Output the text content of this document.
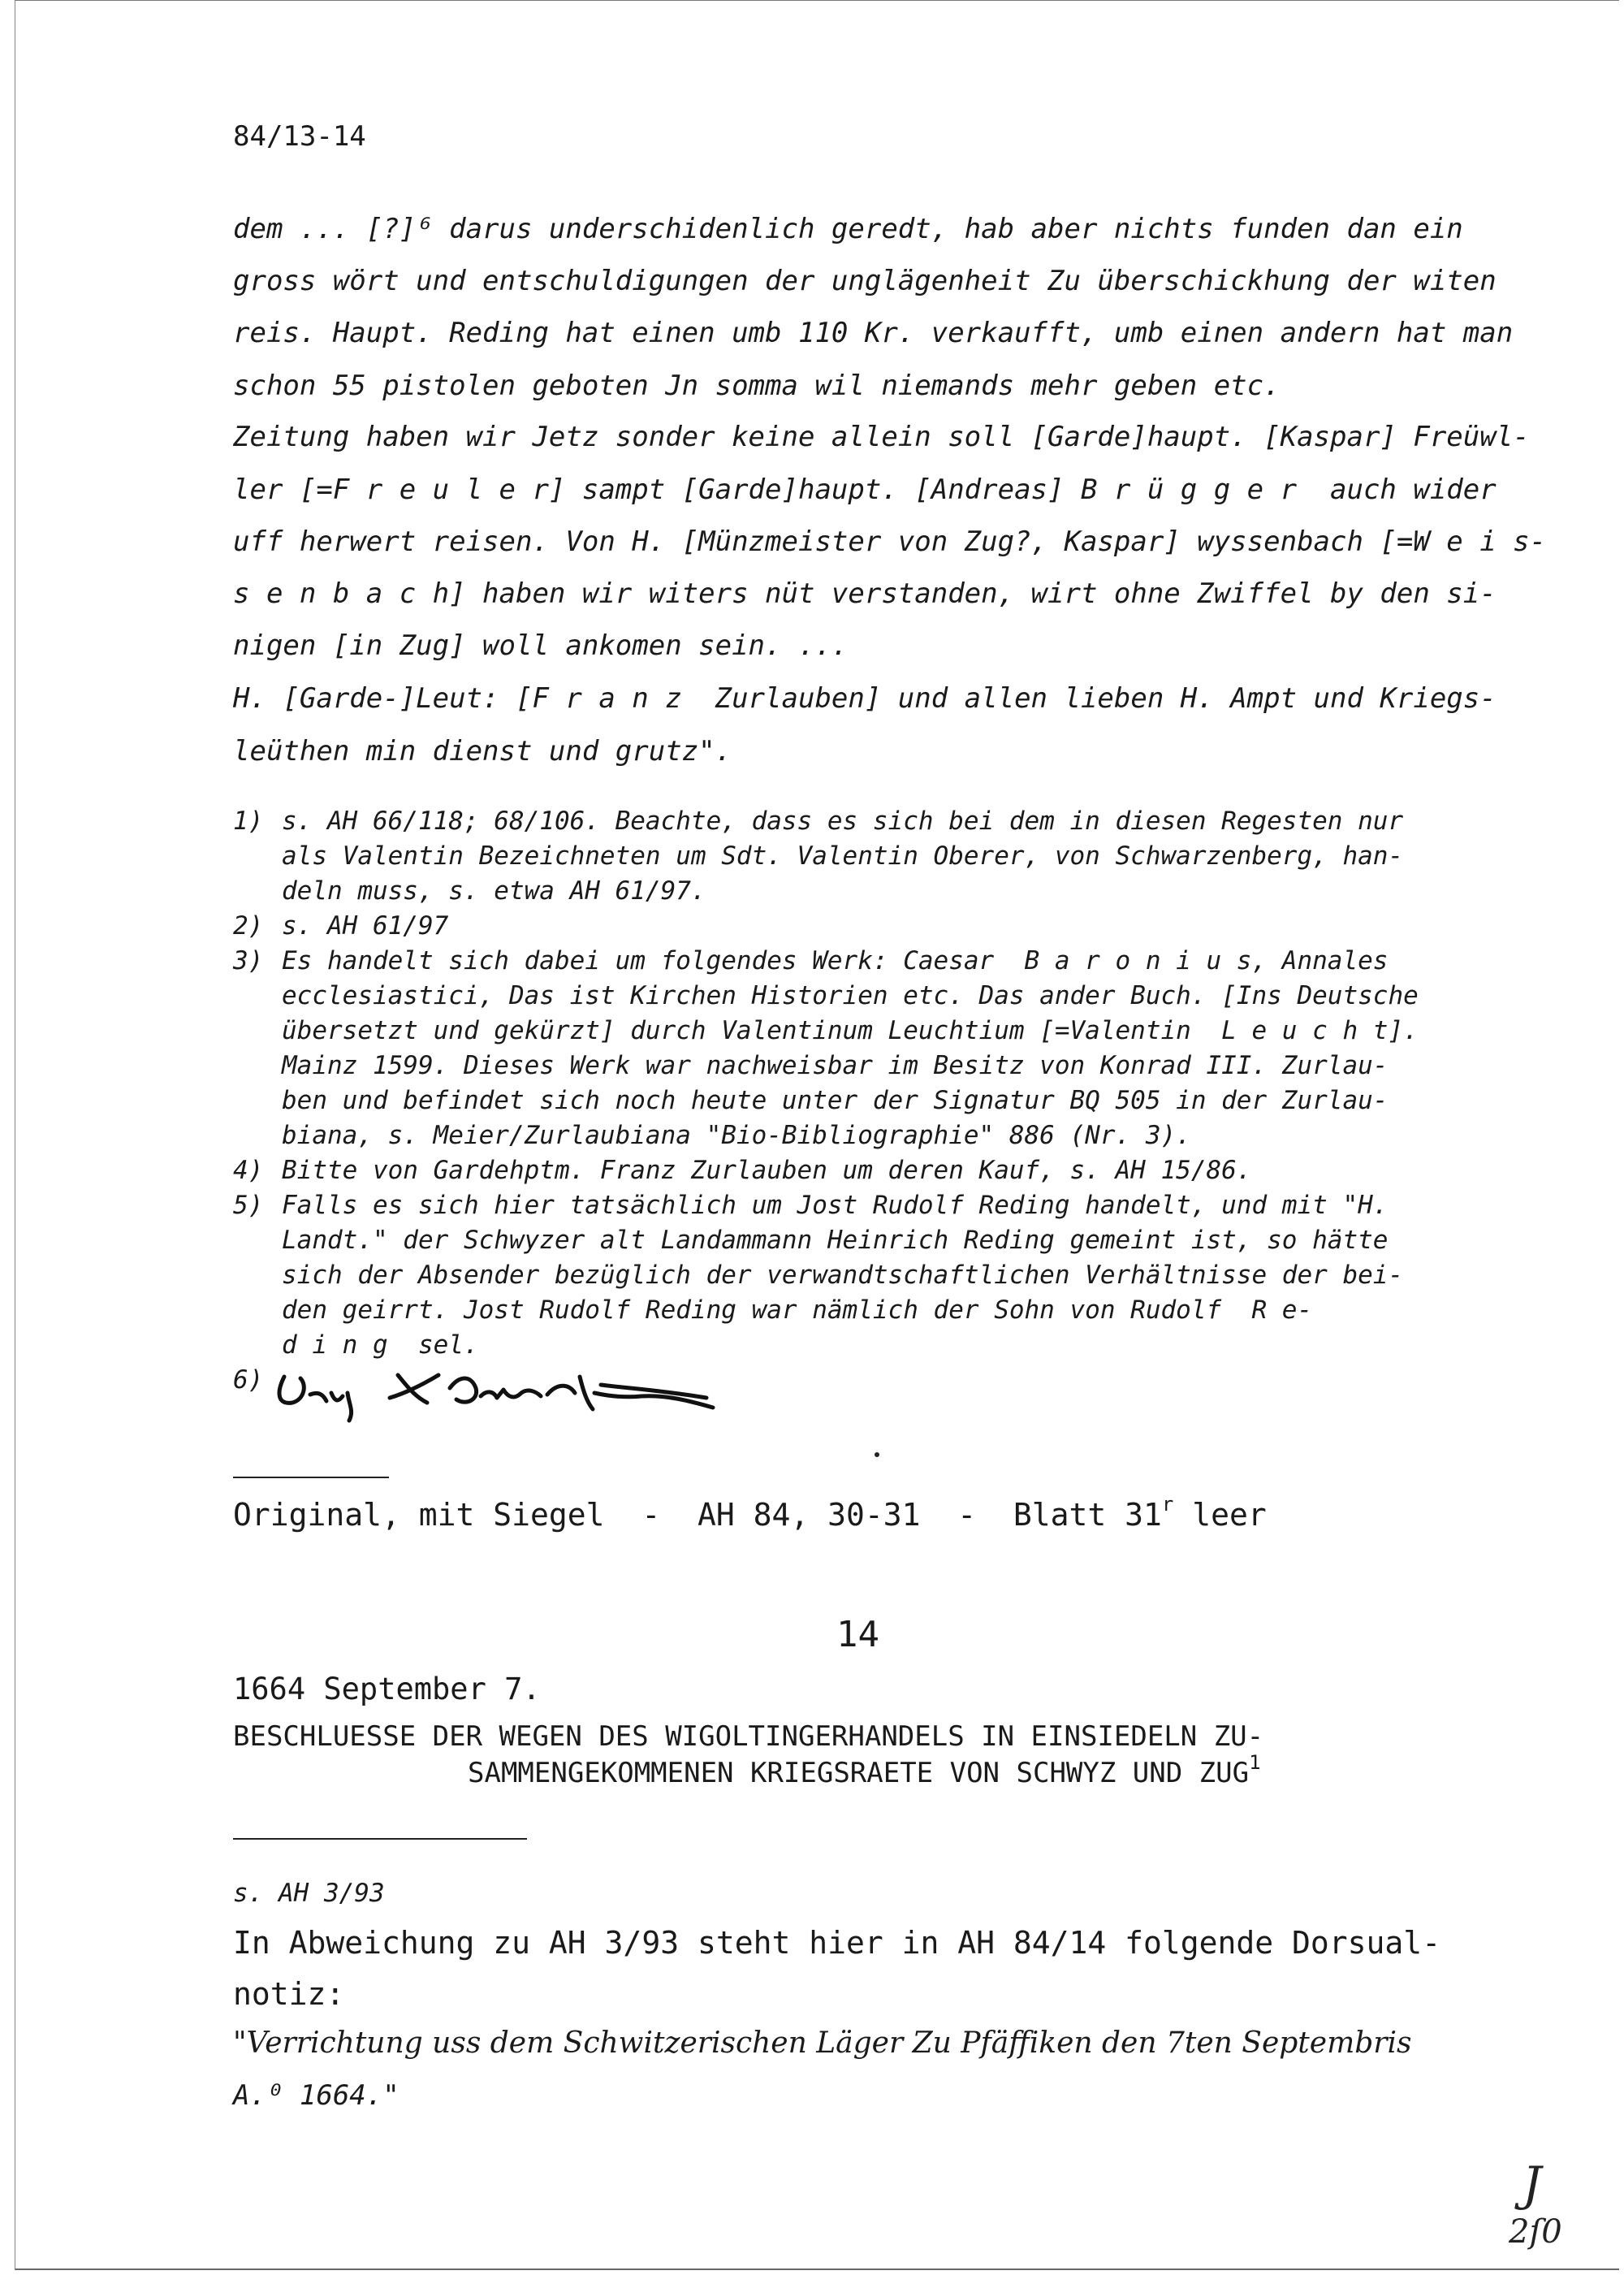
84/13-14
dem ... [?]⁶ darus underschidenlich geredt, hab aber nichts funden dan ein
gross wört und entschuldigungen der unglägenheit Zu überschickhung der witen
reis. Haupt. Reding hat einen umb 110 Kr. verkaufft, umb einen andern hat man
schon 55 pistolen geboten Jn somma wil niemands mehr geben etc.
Zeitung haben wir Jetz sonder keine allein soll [Garde]haupt. [Kaspar] Freüwl-
ler [=F r e u l e r] sampt [Garde]haupt. [Andreas] B r ü g g e r  auch wider
uff herwert reisen. Von H. [Münzmeister von Zug?, Kaspar] wyssenbach [=W e i s-
s e n b a c h] haben wir witers nüt verstanden, wirt ohne Zwiffel by den si-
nigen [in Zug] woll ankomen sein. ...
H. [Garde-]Leut: [F r a n z  Zurlauben] und allen lieben H. Ampt und Kriegs-
leüthen min dienst und grutz".
1) s. AH 66/118; 68/106. Beachte, dass es sich bei dem in diesen Regesten nur
als Valentin Bezeichneten um Sdt. Valentin Oberer, von Schwarzenberg, han-
deln muss, s. etwa AH 61/97.
2) s. AH 61/97
3) Es handelt sich dabei um folgendes Werk: Caesar  B a r o n i u s, Annales
ecclesiastici, Das ist Kirchen Historien etc. Das ander Buch. [Ins Deutsche
übersetzt und gekürzt] durch Valentinum Leuchtium [=Valentin  L e u c h t].
Mainz 1599. Dieses Werk war nachweisbar im Besitz von Konrad III. Zurlau-
ben und befindet sich noch heute unter der Signatur BQ 505 in der Zurlau-
biana, s. Meier/Zurlaubiana "Bio-Bibliographie" 886 (Nr. 3).
4) Bitte von Gardehptm. Franz Zurlauben um deren Kauf, s. AH 15/86.
5) Falls es sich hier tatsächlich um Jost Rudolf Reding handelt, und mit "H.
Landt." der Schwyzer alt Landammann Heinrich Reding gemeint ist, so hätte
sich der Absender bezüglich der verwandtschaftlichen Verhältnisse der bei-
den geirrt. Jost Rudolf Reding war nämlich der Sohn von Rudolf  R e-
d i n g  sel.
6)
Original, mit Siegel  -  AH 84, 30-31  -  Blatt 31$^r$ leer
14
1664 September 7.
BESCHLUESSE DER WEGEN DES WIGOLTINGERHANDELS IN EINSIEDELN ZU-
SAMMENGEKOMMENEN KRIEGSRAETE VON SCHWYZ UND ZUG$^1$
s. AH 3/93
In Abweichung zu AH 3/93 steht hier in AH 84/14 folgende Dorsual-
notiz:
"Verrichtung uss dem Schwitzerischen Läger Zu Pfäffiken den 7ten Septembris
A.⁰ 1664."
J
2ſ0
